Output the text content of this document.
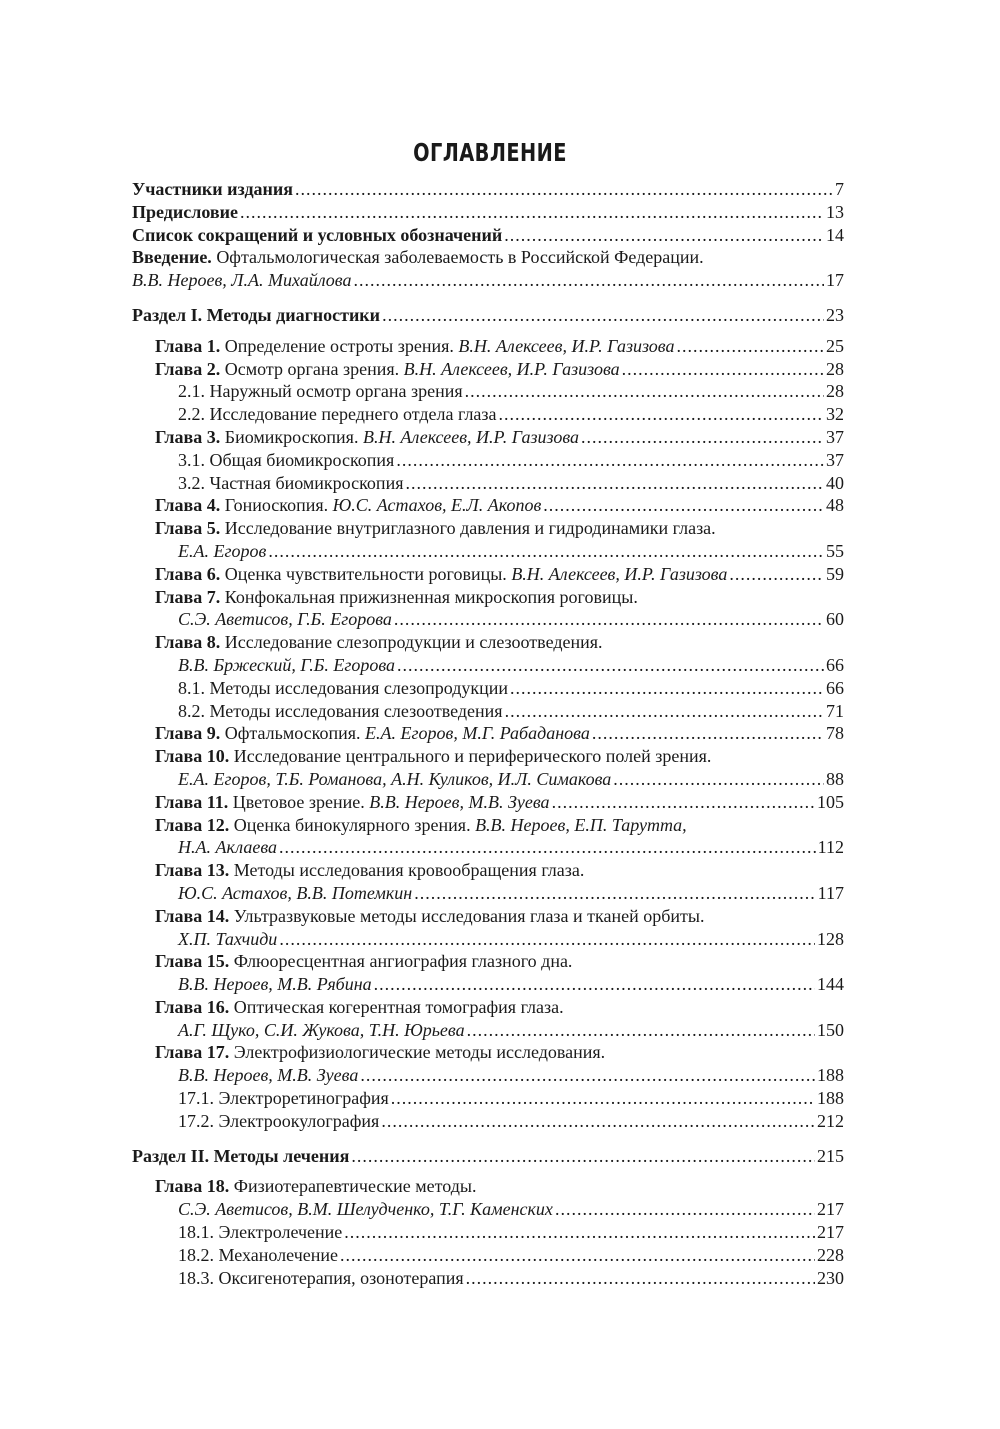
ОГЛАВЛЕНИЕ
Участники издания .....	7
Предисловие .....	13
Список сокращений и условных обозначений .....	14
Введение. Офтальмологическая заболеваемость в Российской Федерации.
В.В. Нероев, Л.А. Михайлова .....	17
Раздел I. Методы диагностики .....	23
Глава 1. Определение остроты зрения. В.Н. Алексеев, И.Р. Газизова .....	25
Глава 2. Осмотр органа зрения. В.Н. Алексеев, И.Р. Газизова .....	28
2.1. Наружный осмотр органа зрения .....	28
2.2. Исследование переднего отдела глаза .....	32
Глава 3. Биомикроскопия. В.Н. Алексеев, И.Р. Газизова .....	37
3.1. Общая биомикроскопия .....	37
3.2. Частная биомикроскопия .....	40
Глава 4. Гониоскопия. Ю.С. Астахов, Е.Л. Акопов .....	48
Глава 5. Исследование внутриглазного давления и гидродинамики глаза.
Е.А. Егоров .....	55
Глава 6. Оценка чувствительности роговицы. В.Н. Алексеев, И.Р. Газизова .....	59
Глава 7. Конфокальная прижизненная микроскопия роговицы.
С.Э. Аветисов, Г.Б. Егорова .....	60
Глава 8. Исследование слезопродукции и слезоотведения.
В.В. Бржеский, Г.Б. Егорова .....	66
8.1. Методы исследования слезопродукции .....	66
8.2. Методы исследования слезоотведения .....	71
Глава 9. Офтальмоскопия. Е.А. Егоров, М.Г. Рабаданова .....	78
Глава 10. Исследование центрального и периферического полей зрения.
Е.А. Егоров, Т.Б. Романова, А.Н. Куликов, И.Л. Симакова .....	88
Глава 11. Цветовое зрение. В.В. Нероев, М.В. Зуева .....	105
Глава 12. Оценка бинокулярного зрения. В.В. Нероев, Е.П. Тарутта,
Н.А. Аклаева .....	112
Глава 13. Методы исследования кровообращения глаза.
Ю.С. Астахов, В.В. Потемкин .....	117
Глава 14. Ультразвуковые методы исследования глаза и тканей орбиты.
Х.П. Тахчиди .....	128
Глава 15. Флюоресцентная ангиография глазного дна.
В.В. Нероев, М.В. Рябина .....	144
Глава 16. Оптическая когерентная томография глаза.
А.Г. Щуко, С.И. Жукова, Т.Н. Юрьева .....	150
Глава 17. Электрофизиологические методы исследования.
В.В. Нероев, М.В. Зуева .....	188
17.1. Электроретинография .....	188
17.2. Электроокулография .....	212
Раздел II. Методы лечения .....	215
Глава 18. Физиотерапевтические методы.
С.Э. Аветисов, В.М. Шелудченко, Т.Г. Каменских .....	217
18.1. Электролечение .....	217
18.2. Механолечение .....	228
18.3. Оксигенотерапия, озонотерапия .....	230
